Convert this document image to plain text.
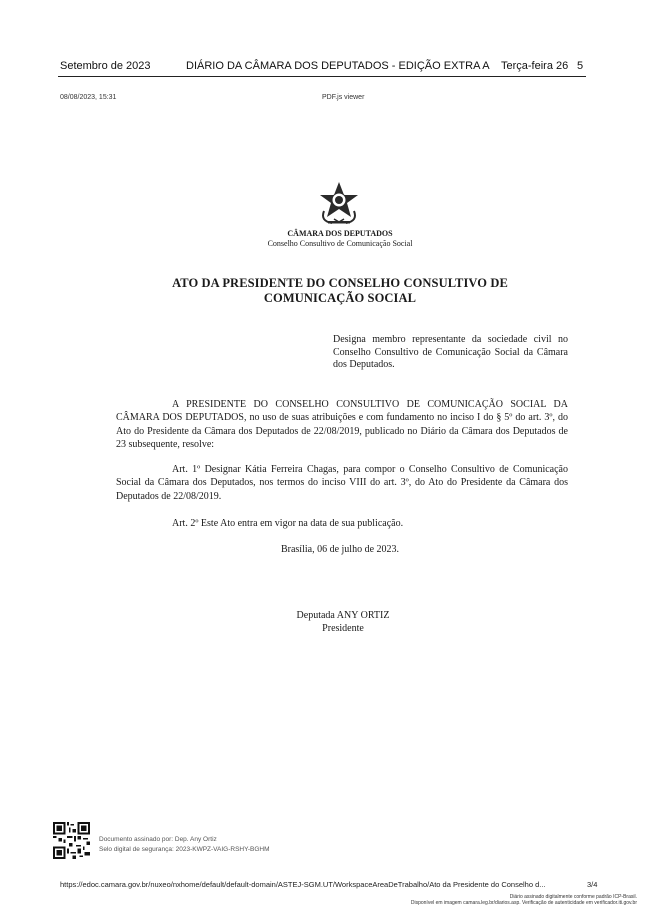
Setembro de 2023	DIÁRIO DA CÂMARA DOS DEPUTADOS - EDIÇÃO EXTRA A Terça-feira 26 5
08/08/2023, 15:31	PDF.js viewer
CÂMARA DOS DEPUTADOS
Conselho Consultivo de Comunicação Social
ATO DA PRESIDENTE DO CONSELHO CONSULTIVO DE
COMUNICAÇÃO SOCIAL
Designa membro representante da sociedade civil no Conselho Consultivo de Comunicação Social da Câmara dos Deputados.
A PRESIDENTE DO CONSELHO CONSULTIVO DE COMUNICAÇÃO SOCIAL DA CÂMARA DOS DEPUTADOS, no uso de suas atribuições e com fundamento no inciso I do § 5º do art. 3º, do Ato do Presidente da Câmara dos Deputados de 22/08/2019, publicado no Diário da Câmara dos Deputados de 23 subsequente, resolve:
Art. 1º Designar Kátia Ferreira Chagas, para compor o Conselho Consultivo de Comunicação Social da Câmara dos Deputados, nos termos do inciso VIII do art. 3º, do Ato do Presidente da Câmara dos Deputados de 22/08/2019.
Art. 2º Este Ato entra em vigor na data de sua publicação.
Brasília, 06 de julho de 2023.
Deputada ANY ORTIZ
Presidente
Documento assinado por: Dep. Any Ortiz
Selo digital de segurança: 2023-KWPZ-VAIG-RSHY-BGHM
https://edoc.camara.gov.br/nuxeo/nxhome/default/default-domain/ASTEJ-SGM.UT/WorkspaceAreaDeTrabalho/Ato da Presidente do Conselho d...	3/4
Diário assinado digitalmente conforme padrão ICP-Brasil.
Disponível em imagem camara.leg.br/diarios.asp. Verificação de autenticidade em verificador.iti.gov.br
